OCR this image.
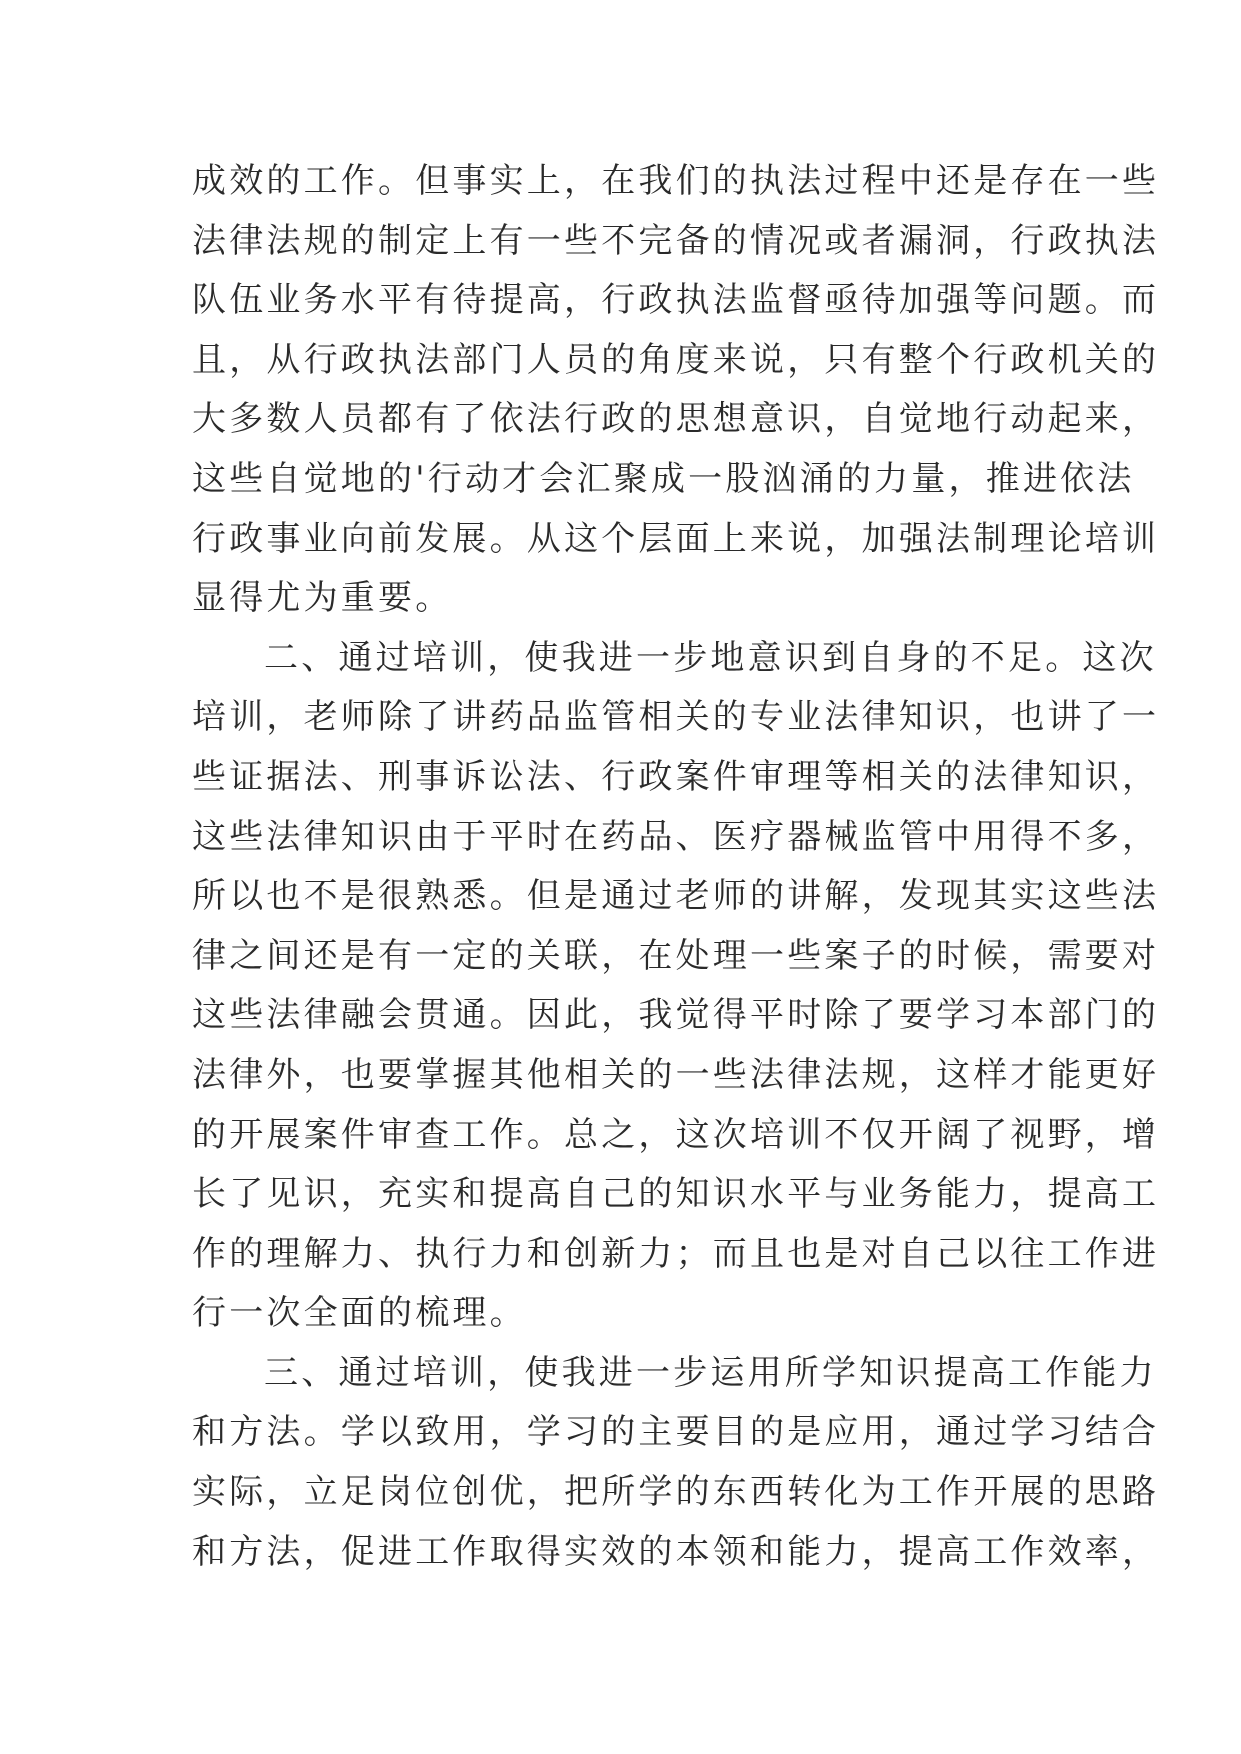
成效的工作。但事实上，在我们的执法过程中还是存在一些
法律法规的制定上有一些不完备的情况或者漏洞，行政执法
队伍业务水平有待提高，行政执法监督亟待加强等问题。而
且，从行政执法部门人员的角度来说，只有整个行政机关的
大多数人员都有了依法行政的思想意识，自觉地行动起来，
这些自觉地的'行动才会汇聚成一股汹涌的力量，推进依法
行政事业向前发展。从这个层面上来说，加强法制理论培训
显得尤为重要。
二、通过培训，使我进一步地意识到自身的不足。这次
培训，老师除了讲药品监管相关的专业法律知识，也讲了一
些证据法、刑事诉讼法、行政案件审理等相关的法律知识，
这些法律知识由于平时在药品、医疗器械监管中用得不多，
所以也不是很熟悉。但是通过老师的讲解，发现其实这些法
律之间还是有一定的关联，在处理一些案子的时候，需要对
这些法律融会贯通。因此，我觉得平时除了要学习本部门的
法律外，也要掌握其他相关的一些法律法规，这样才能更好
的开展案件审查工作。总之，这次培训不仅开阔了视野，增
长了见识，充实和提高自己的知识水平与业务能力，提高工
作的理解力、执行力和创新力；而且也是对自己以往工作进
行一次全面的梳理。
三、通过培训，使我进一步运用所学知识提高工作能力
和方法。学以致用，学习的主要目的是应用，通过学习结合
实际，立足岗位创优，把所学的东西转化为工作开展的思路
和方法，促进工作取得实效的本领和能力，提高工作效率，
